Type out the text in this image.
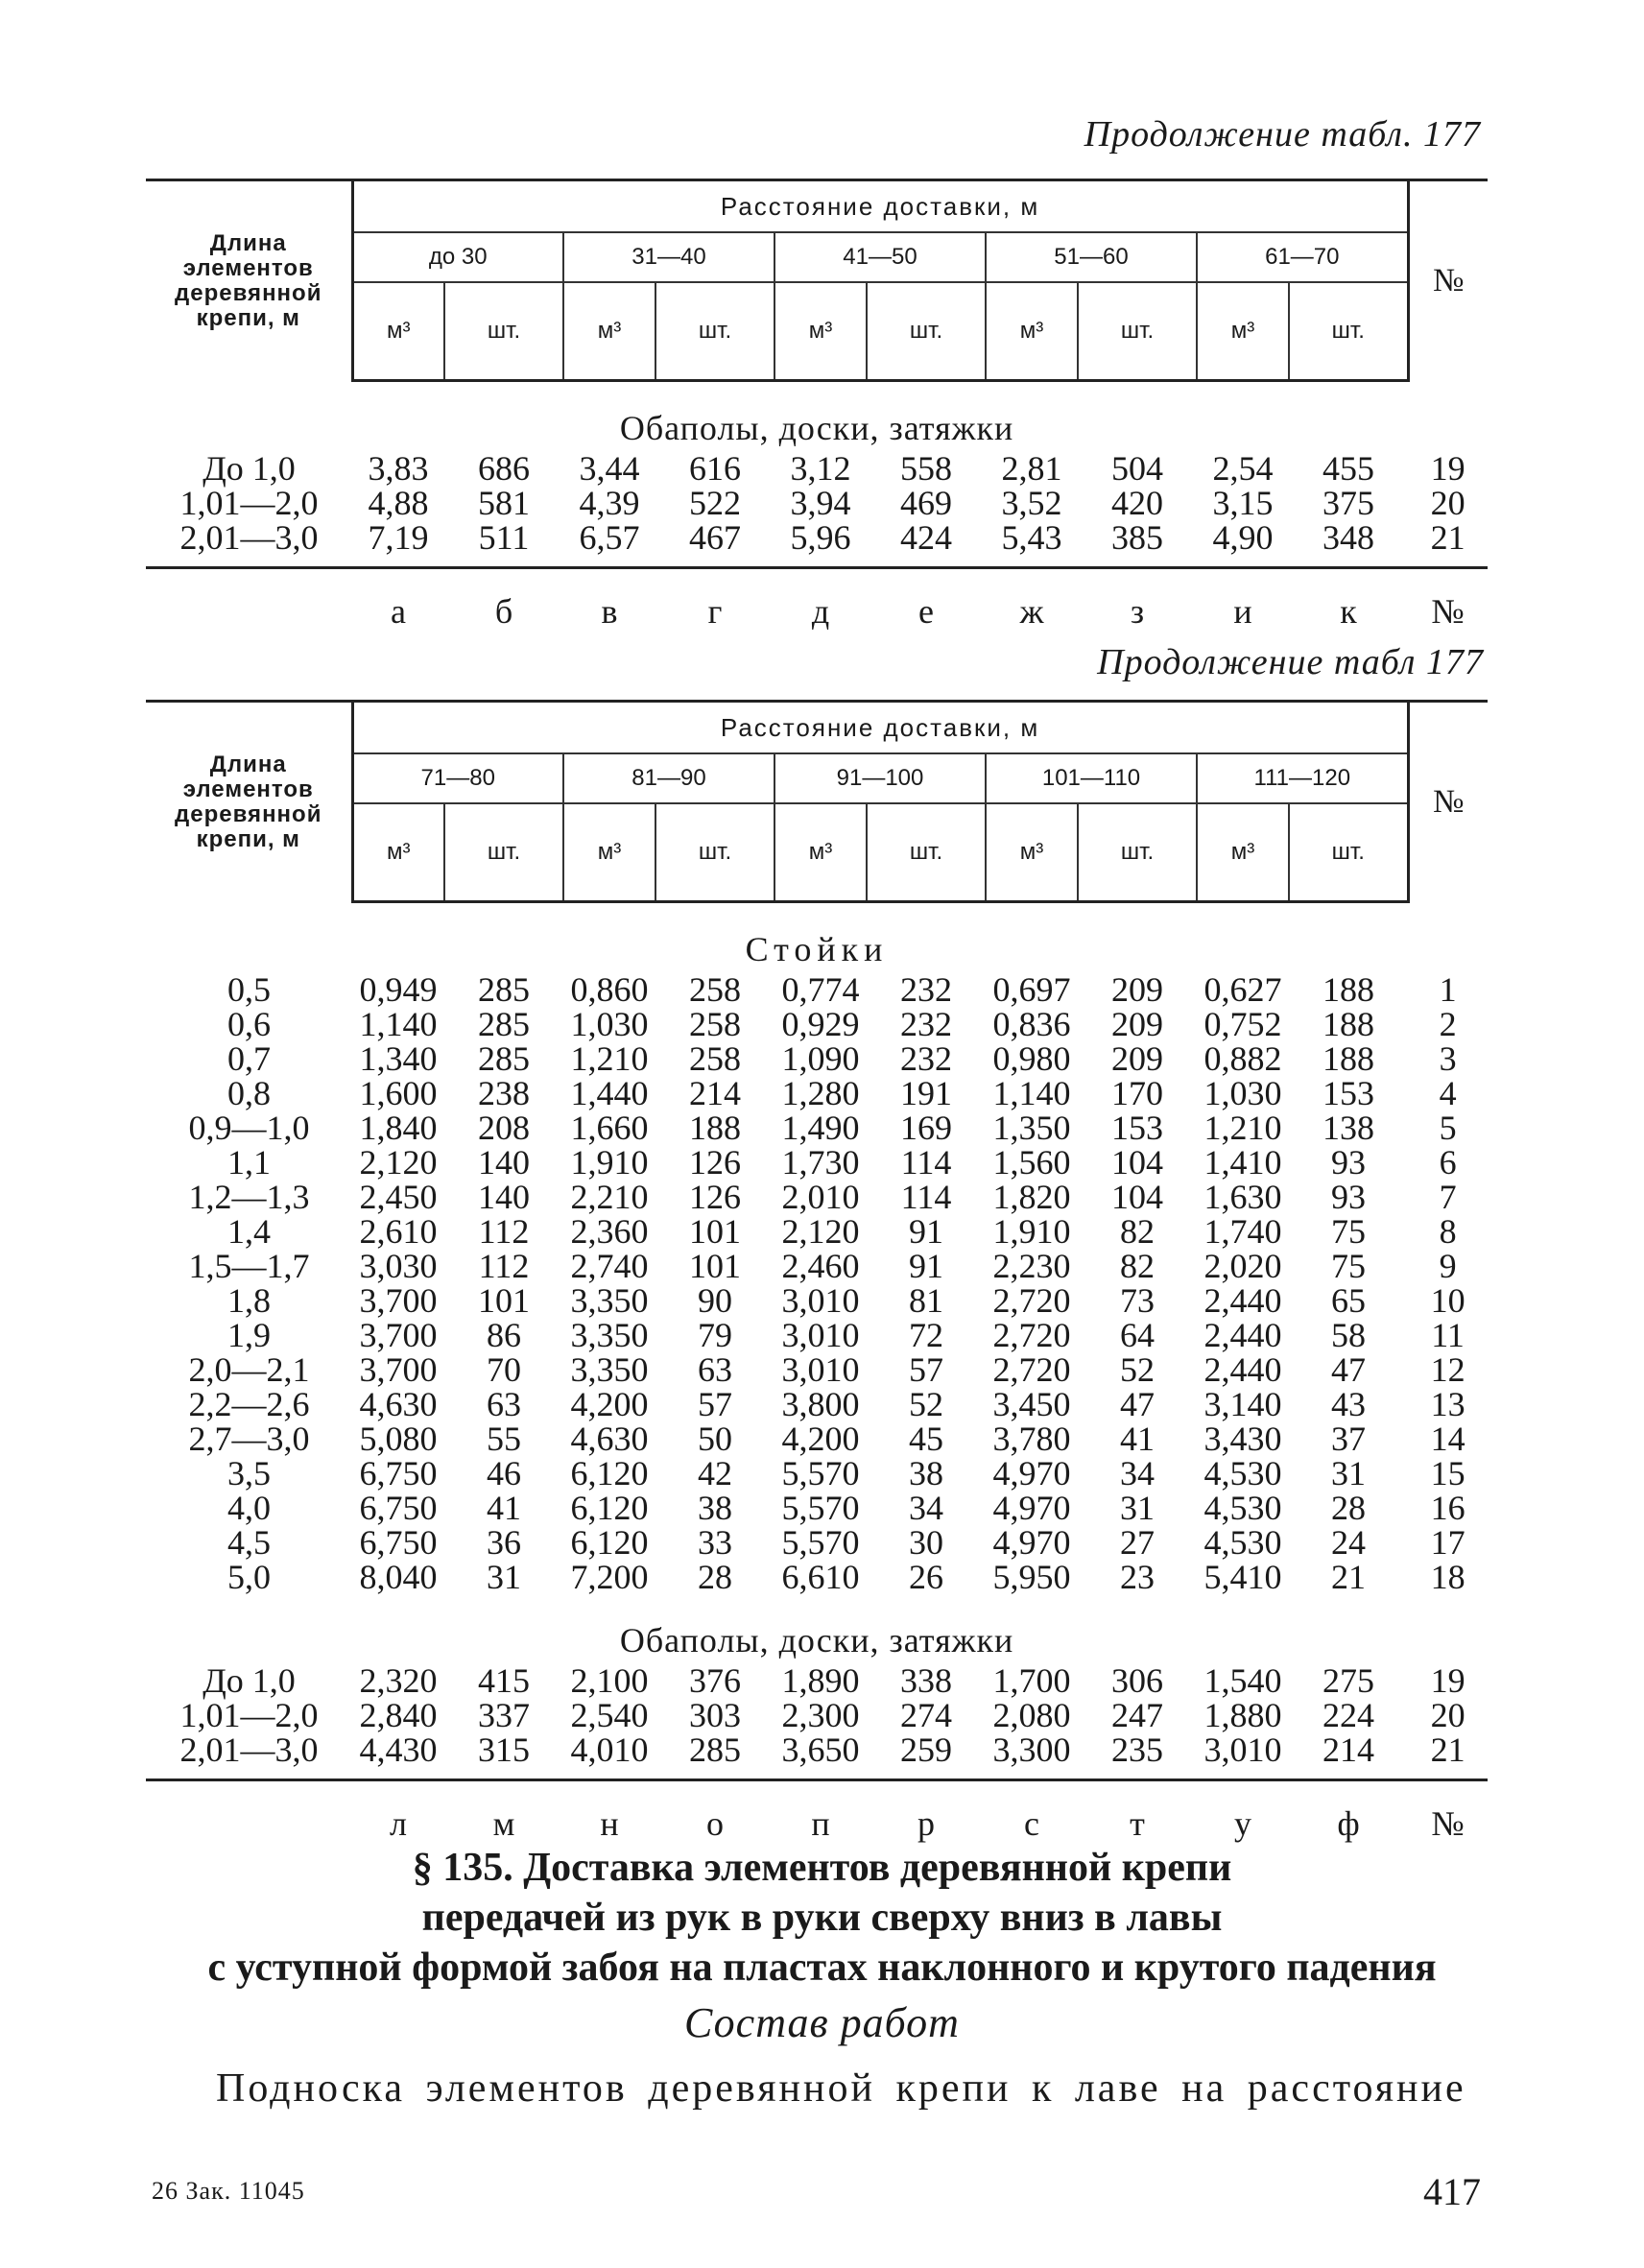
Продолжение табл. 177
Длина элементов деревянной крепи, м	Расстояние доставки, м										№
	до 30		31—40		41—50		51—60		61—70		
	м³	шт.	м³	шт.	м³	шт.	м³	шт.	м³	шт.	
Обаполы, доски, затяжки											
До 1,0	3,83	686	3,44	616	3,12	558	2,81	504	2,54	455	19
1,01—2,0	4,88	581	4,39	522	3,94	469	3,52	420	3,15	375	20
2,01—3,0	7,19	511	6,57	467	5,96	424	5,43	385	4,90	348	21
	а	б	в	г	д	е	ж	з	и	к	№
Продолжение табл 177
Длина элементов деревянной крепи, м	Расстояние доставки, м										№
	71—80		81—90		91—100		101—110		111—120		
	м³	шт.	м³	шт.	м³	шт.	м³	шт.	м³	шт.	
Стойки											
0,5	0,949	285	0,860	258	0,774	232	0,697	209	0,627	188	1
0,6	1,140	285	1,030	258	0,929	232	0,836	209	0,752	188	2
0,7	1,340	285	1,210	258	1,090	232	0,980	209	0,882	188	3
0,8	1,600	238	1,440	214	1,280	191	1,140	170	1,030	153	4
0,9—1,0	1,840	208	1,660	188	1,490	169	1,350	153	1,210	138	5
1,1	2,120	140	1,910	126	1,730	114	1,560	104	1,410	93	6
1,2—1,3	2,450	140	2,210	126	2,010	114	1,820	104	1,630	93	7
1,4	2,610	112	2,360	101	2,120	91	1,910	82	1,740	75	8
1,5—1,7	3,030	112	2,740	101	2,460	91	2,230	82	2,020	75	9
1,8	3,700	101	3,350	90	3,010	81	2,720	73	2,440	65	10
1,9	3,700	86	3,350	79	3,010	72	2,720	64	2,440	58	11
2,0—2,1	3,700	70	3,350	63	3,010	57	2,720	52	2,440	47	12
2,2—2,6	4,630	63	4,200	57	3,800	52	3,450	47	3,140	43	13
2,7—3,0	5,080	55	4,630	50	4,200	45	3,780	41	3,430	37	14
3,5	6,750	46	6,120	42	5,570	38	4,970	34	4,530	31	15
4,0	6,750	41	6,120	38	5,570	34	4,970	31	4,530	28	16
4,5	6,750	36	6,120	33	5,570	30	4,970	27	4,530	24	17
5,0	8,040	31	7,200	28	6,610	26	5,950	23	5,410	21	18
Обаполы, доски, затяжки											
До 1,0	2,320	415	2,100	376	1,890	338	1,700	306	1,540	275	19
1,01—2,0	2,840	337	2,540	303	2,300	274	2,080	247	1,880	224	20
2,01—3,0	4,430	315	4,010	285	3,650	259	3,300	235	3,010	214	21
	л	м	н	о	п	р	с	т	у	ф	№
§ 135. Доставка элементов деревянной крепи
передачей из рук в руки сверху вниз в лавы
с уступной формой забоя на пластах наклонного и крутого падения
Состав работ
Подноска элементов деревянной крепи к лаве на расстояние
26 Зак. 11045	417
